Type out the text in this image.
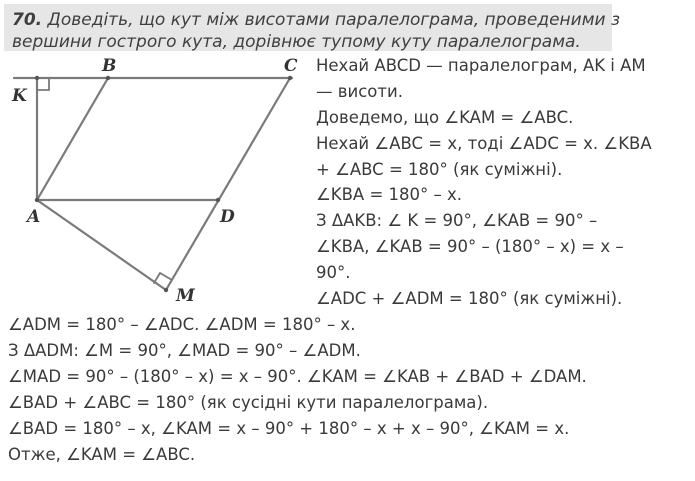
70. Доведіть, що кут між висотами паралелограма, проведеними з
вершини гострого кута, дорівнює тупому куту паралелограма.
B	C
K
A	D
M
Нехай ABCD — паралелограм, AK і AM
— висоти.
Доведемо, що ∠KAM = ∠ABC.
Нехай ∠ABC = x, тоді ∠ADC = x. ∠KBA
+ ∠ABC = 180° (як суміжні).
∠KBA = 180° – x.
З ΔAKB: ∠ K = 90°, ∠KAB = 90° –
∠KBA, ∠KAB = 90° – (180° – x) = x –
90°.
∠ADC + ∠ADM = 180° (як суміжні).
∠ADM = 180° – ∠ADC. ∠ADM = 180° – x.
З ΔADM: ∠M = 90°, ∠MAD = 90° – ∠ADM.
∠MAD = 90° – (180° – x) = x – 90°. ∠KAM = ∠KAB + ∠BAD + ∠DAM.
∠BAD + ∠ABC = 180° (як сусідні кути паралелограма).
∠BAD = 180° – x, ∠KAM = x – 90° + 180° – x + x – 90°, ∠KAM = x.
Отже, ∠KAM = ∠ABC.
